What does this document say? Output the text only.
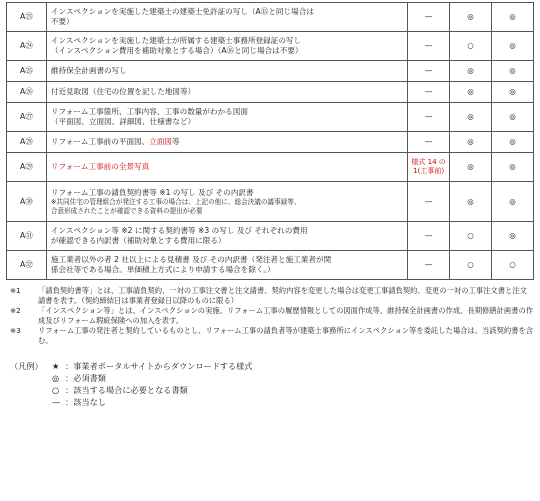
A㉓	インスペクションを実施した建築士の建築士免許証の写し（A⑮と同じ場合は
不要）	—	◎	◎
A㉔	インスペクションを実施した建築士が所属する建築士事務所登録証の写し
（インスペクション費用を補助対象とする場合）（A⑯と同じ場合は不要）	—	○	◎
A㉕	維持保全計画書の写し	—	◎	◎
A㉖	付近見取図（住宅の位置を記した地図等）	—	◎	◎
A㉗	リフォーム工事箇所、工事内容、工事の数量がわかる図面
（平面図、立面図、詳細図、仕様書など）	—	◎	◎
A㉘	リフォーム工事前の平面図、立面図等	—	◎	◎
A㉙	リフォーム工事前の全景写真	様式 14 の
1(工事前)	◎	◎
A㉚	リフォーム工事の請負契約書等 ※1 の写し 及び その内訳書
※共同住宅の管理組合が発注する工事の場合は、上記の他に、総会決議の議事録等、
合意形成されたことが確認できる資料の提出が必要	—	◎	◎
A㉛	インスペクション等 ※2 に関する契約書等 ※3 の写し 及び それぞれの費用
が確認できる内訳書（補助対象とする費用に限る）	—	○	◎
A㉜	施工業者以外の者 2 社以上による見積書 及び その内訳書（発注者と施工業者が関
係会社等である場合。単価積上方式により申請する場合を除く。）	—	○	○
※1	「請負契約書等」とは、工事請負契約、一対の工事注文書と注文請書、契約内容を変更した場合は変更工事請負契約、変更の一対の工事注文書と注文請書を表す。（契約締結日は事業者登録日以降のものに限る）
※2	「インスペクション等」とは、インスペクションの実施、リフォーム工事の履歴情報としての図面作成等、維持保全計画書の作成、長期修繕計画書の作成及びリフォーム瑕疵保険への加入を表す。
※3	リフォーム工事の発注者と契約しているものとし、リフォーム工事の請負者等が建築士事務所にインスペクション等を委託した場合は、当該契約書を含む。
（凡例）	★ ：事業者ポータルサイトからダウンロードする様式
◎ ：必須書類
○ ：該当する場合に必要となる書類
— ：該当なし
